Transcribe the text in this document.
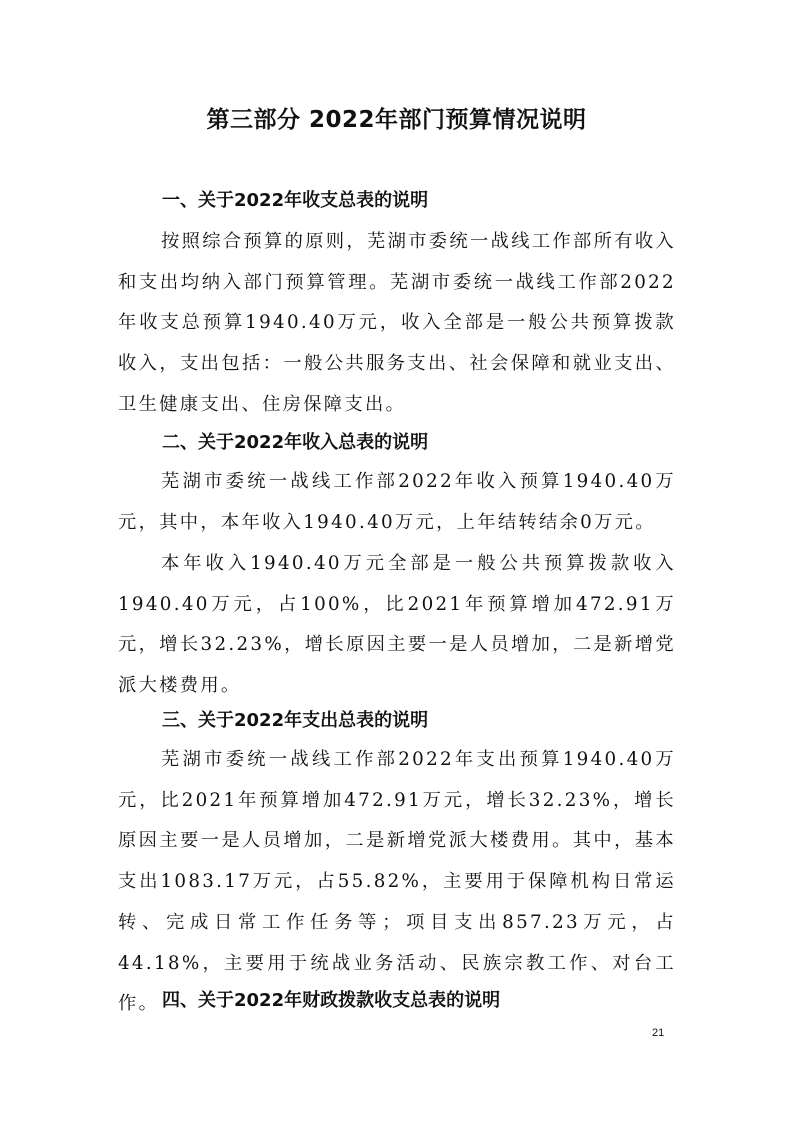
第三部分 2022年部门预算情况说明
一、关于2022年收支总表的说明

按照综合预算的原则，芜湖市委统一战线工作部所有收入和支出均纳入部门预算管理。芜湖市委统一战线工作部2022年收支总预算1940.40万元，收入全部是一般公共预算拨款收入，支出包括：一般公共服务支出、社会保障和就业支出、卫生健康支出、住房保障支出。

二、关于2022年收入总表的说明

芜湖市委统一战线工作部2022年收入预算1940.40万元，其中，本年收入1940.40万元，上年结转结余0万元。

本年收入1940.40万元全部是一般公共预算拨款收入1940.40万元，占100%，比2021年预算增加472.91万元，增长32.23%，增长原因主要一是人员增加，二是新增党派大楼费用。

三、关于2022年支出总表的说明

芜湖市委统一战线工作部2022年支出预算1940.40万元，比2021年预算增加472.91万元，增长32.23%，增长原因主要一是人员增加，二是新增党派大楼费用。其中，基本支出1083.17万元，占55.82%，主要用于保障机构日常运转、完成日常工作任务等；项目支出857.23万元，占44.18%，主要用于统战业务活动、民族宗教工作、对台工作。 四、关于2022年财政拨款收支总表的说明
21
